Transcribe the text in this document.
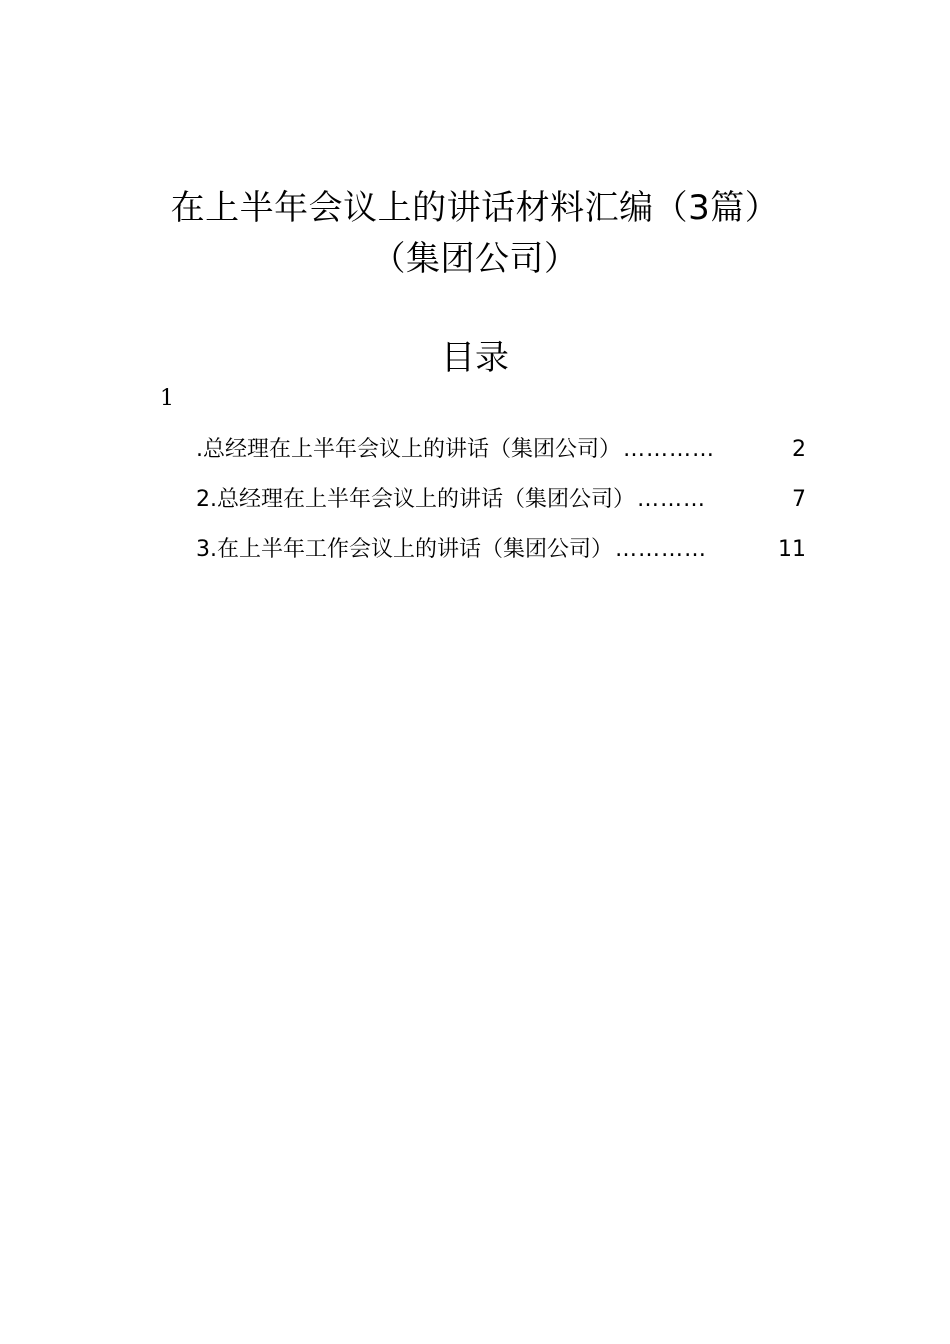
在上半年会议上的讲话材料汇编（3篇）
（集团公司）
目录
1
.总经理在上半年会议上的讲话（集团公司） …………	2
2.总经理在上半年会议上的讲话（集团公司） ………	7
3.在上半年工作会议上的讲话（集团公司） …………	11
